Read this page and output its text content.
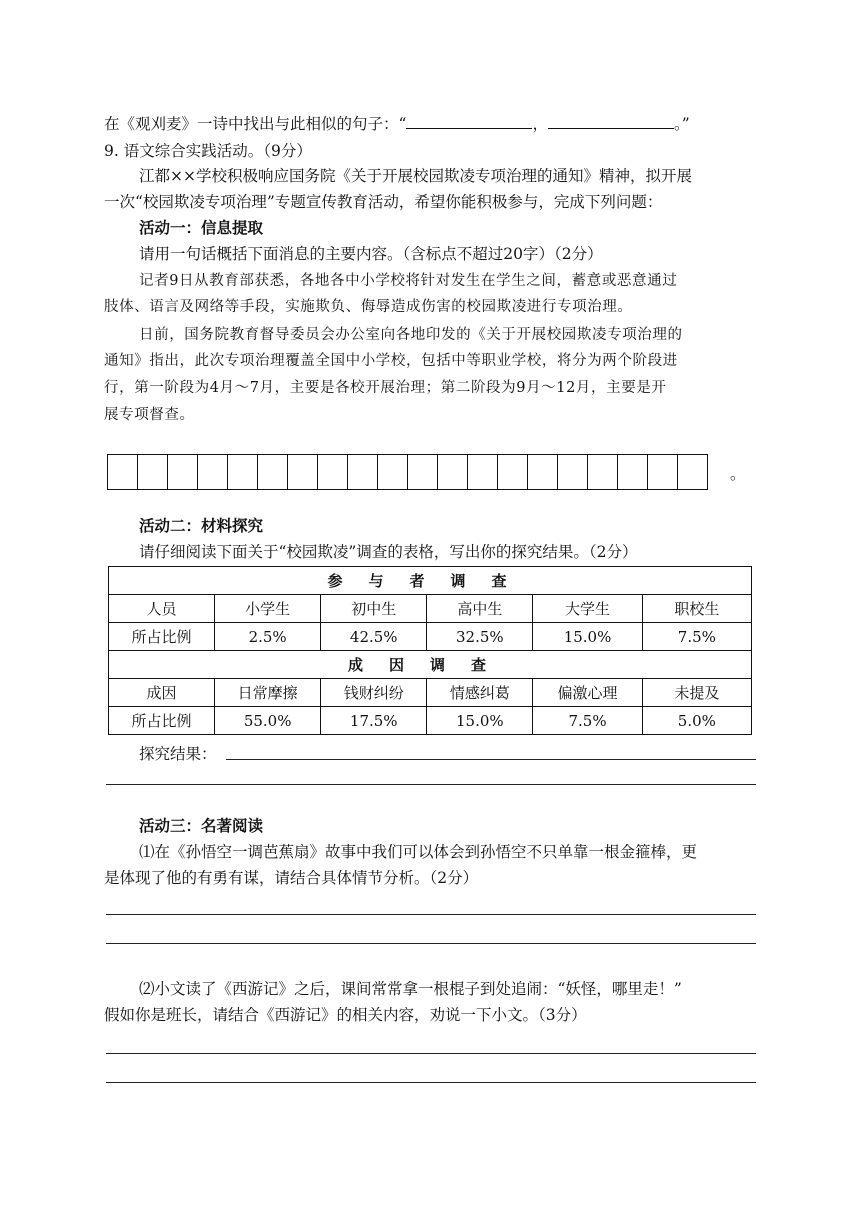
在《观刈麦》一诗中找出与此相似的句子：“	，	。”
9. 语文综合实践活动。（9分）
江都××学校积极响应国务院《关于开展校园欺凌专项治理的通知》精神，拟开展
一次“校园欺凌专项治理”专题宣传教育活动，希望你能积极参与，完成下列问题：
活动一：信息提取
请用一句话概括下面消息的主要内容。（含标点不超过20字）（2分）
记者9日从教育部获悉，各地各中小学校将针对发生在学生之间，蓄意或恶意通过
肢体、语言及网络等手段，实施欺负、侮辱造成伤害的校园欺凌进行专项治理。
日前，国务院教育督导委员会办公室向各地印发的《关于开展校园欺凌专项治理的
通知》指出，此次专项治理覆盖全国中小学校，包括中等职业学校，将分为两个阶段进
行，第一阶段为4月～7月，主要是各校开展治理；第二阶段为9月～12月，主要是开
展专项督查。
。
活动二：材料探究
请仔细阅读下面关于“校园欺凌”调查的表格，写出你的探究结果。（2分）
参与者调查					
人员	小学生	初中生	高中生	大学生	职校生
所占比例	2.5%	42.5%	32.5%	15.0%	7.5%
成因调查					
成因	日常摩擦	钱财纠纷	情感纠葛	偏激心理	未提及
所占比例	55.0%	17.5%	15.0%	7.5%	5.0%
探究结果：
活动三：名著阅读
⑴在《孙悟空一调芭蕉扇》故事中我们可以体会到孙悟空不只单靠一根金箍棒，更
是体现了他的有勇有谋，请结合具体情节分析。（2分）
⑵小文读了《西游记》之后，课间常常拿一根棍子到处追闹：“妖怪，哪里走！”
假如你是班长，请结合《西游记》的相关内容，劝说一下小文。（3分）
